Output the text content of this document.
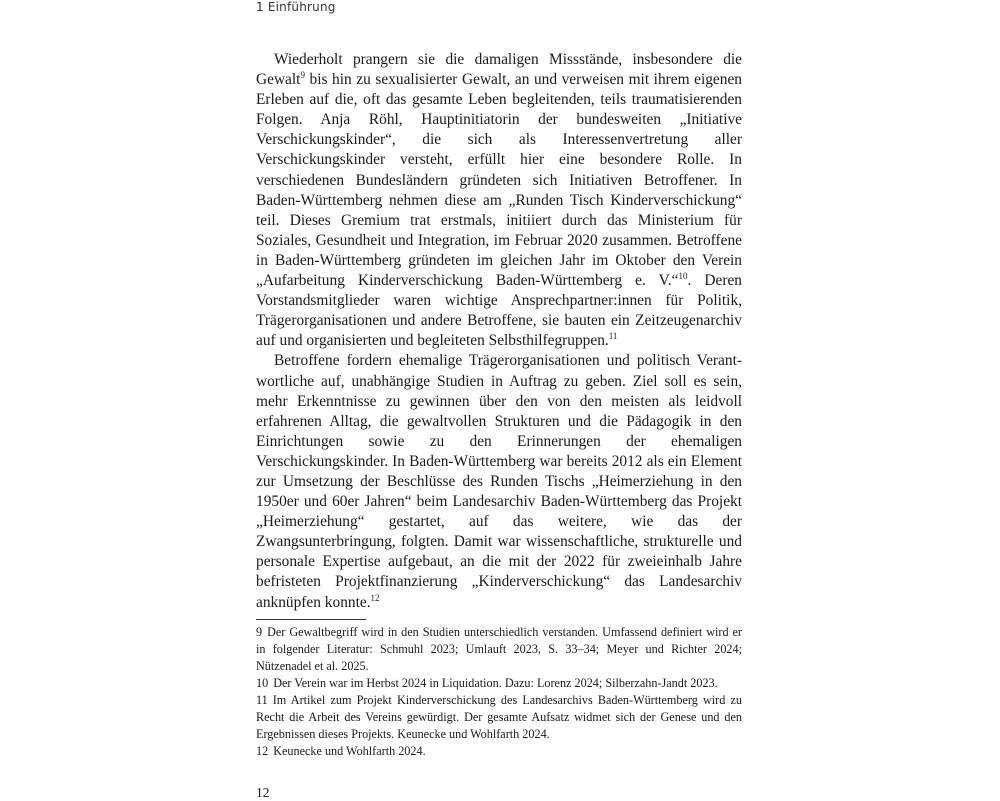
1 Einführung

Wiederholt prangern sie die damaligen Missstände, insbesondere die Gewalt$^9$ bis hin zu sexualisierter Gewalt, an und verweisen mit ihrem eigenen Erleben auf die, oft das gesamte Leben begleitenden, teils traumatisierenden Folgen. Anja Röhl, Hauptinitiatorin der bundesweiten „Initiative Verschickungskinder“, die sich als Interessenvertretung aller Verschickungskinder versteht, erfüllt hier eine besondere Rolle. In verschiedenen Bundesländern gründeten sich Initiativen Betroffener. In Baden-Württemberg nehmen diese am „Runden Tisch Kinderverschickung“ teil. Dieses Gremium trat erstmals, initiiert durch das Ministerium für Soziales, Gesundheit und Integration, im Februar 2020 zusammen. Betroffene in Baden-Württemberg gründeten im gleichen Jahr im Oktober den Verein „Aufarbeitung Kinderverschickung Baden-Württemberg e. V.“$^{10}$. Deren Vorstandsmitglieder waren wichtige Ansprechpartner:innen für Politik, Trägerorganisationen und andere Betroffene, sie bauten ein Zeitzeugenarchiv auf und organisierten und begleiteten Selbsthilfegruppen.$^{11}$

Betroffene fordern ehemalige Trägerorganisationen und politisch Verantwortliche auf, unabhängige Studien in Auftrag zu geben. Ziel soll es sein, mehr Erkenntnisse zu gewinnen über den von den meisten als leidvoll erfahrenen Alltag, die gewaltvollen Strukturen und die Pädagogik in den Einrichtungen sowie zu den Erinnerungen der ehemaligen Verschickungskinder. In Baden-Württemberg war bereits 2012 als ein Element zur Umsetzung der Beschlüsse des Runden Tischs „Heimerziehung in den 1950er und 60er Jahren“ beim Landesarchiv Baden-Württemberg das Projekt „Heimerziehung“ gestartet, auf das weitere, wie das der Zwangsunterbringung, folgten. Damit war wissenschaftliche, strukturelle und personale Expertise aufgebaut, an die mit der 2022 für zweieinhalb Jahre befristeten Projektfinanzierung „Kinderverschickung“ das Landesarchiv anknüpfen konnte.$^{12}$

9 Der Gewaltbegriff wird in den Studien unterschiedlich verstanden. Umfassend definiert wird er in folgender Literatur: Schmuhl 2023; Umlauft 2023, S. 33–34; Meyer und Richter 2024; Nützenadel et al. 2025.

10 Der Verein war im Herbst 2024 in Liquidation. Dazu: Lorenz 2024; Silberzahn-Jandt 2023.

11 Im Artikel zum Projekt Kinderverschickung des Landesarchivs Baden-Württemberg wird zu Recht die Arbeit des Vereins gewürdigt. Der gesamte Aufsatz widmet sich der Genese und den Ergebnissen dieses Projekts. Keunecke und Wohlfarth 2024.

12 Keunecke und Wohlfarth 2024.

12
